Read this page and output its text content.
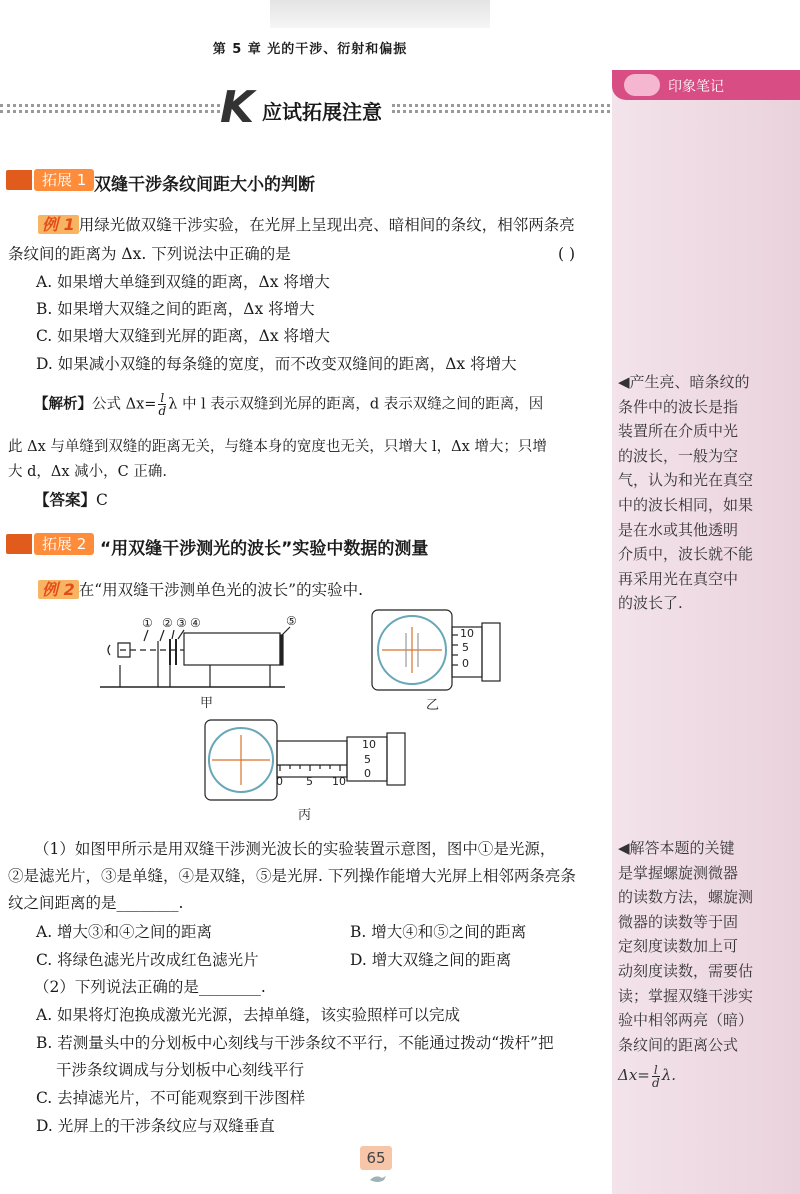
第 5 章 光的干涉、衍射和偏振
K 应试拓展注意
印象笔记
◀产生亮、暗条纹的
条件中的波长是指
装置所在介质中光
的波长，一般为空
气，认为和光在真空
中的波长相同，如果
是在水或其他透明
介质中，波长就不能
再采用光在真空中
的波长了.
◀解答本题的关键
是掌握螺旋测微器
的读数方法，螺旋测
微器的读数等于固
定刻度读数加上可
动刻度读数，需要估
读；掌握双缝干涉实
验中相邻两亮（暗）
条纹间的距离公式
$\Delta x= \frac{l}{d} \lambda$.
拓展 1 双缝干涉条纹间距大小的判断
例 1 用绿光做双缝干涉实验，在光屏上呈现出亮、暗相间的条纹，相邻两条亮
条纹间的距离为 Δx. 下列说法中正确的是	( )
A. 如果增大单缝到双缝的距离，Δx 将增大
B. 如果增大双缝之间的距离，Δx 将增大
C. 如果增大双缝到光屏的距离，Δx 将增大
D. 如果减小双缝的每条缝的宽度，而不改变双缝间的距离，Δx 将增大
【解析】公式 $\Delta x= \frac{l}{d}$ λ 中 l 表示双缝到光屏的距离，d 表示双缝之间的距离，因
此 Δx 与单缝到双缝的距离无关，与缝本身的宽度也无关，只增大 l，Δx 增大；只增
大 d，Δx 减小，C 正确.
【答案】C
拓展 2 “用双缝干涉测光的波长”实验中数据的测量
例 2 在“用双缝干涉测单色光的波长”的实验中.
① ② ③ ④	⑤
甲
10
5
0
乙
0 5 10
10
5
0
丙
（1）如图甲所示是用双缝干涉测光波长的实验装置示意图，图中①是光源，
②是滤光片，③是单缝，④是双缝，⑤是光屏. 下列操作能增大光屏上相邻两条亮条
纹之间距离的是________.
A. 增大③和④之间的距离	B. 增大④和⑤之间的距离
C. 将绿色滤光片改成红色滤光片	D. 增大双缝之间的距离
（2）下列说法正确的是________.
A. 如果将灯泡换成激光光源，去掉单缝，该实验照样可以完成
B. 若测量头中的分划板中心刻线与干涉条纹不平行，不能通过拨动“拨杆”把
干涉条纹调成与分划板中心刻线平行
C. 去掉滤光片，不可能观察到干涉图样
D. 光屏上的干涉条纹应与双缝垂直
65
